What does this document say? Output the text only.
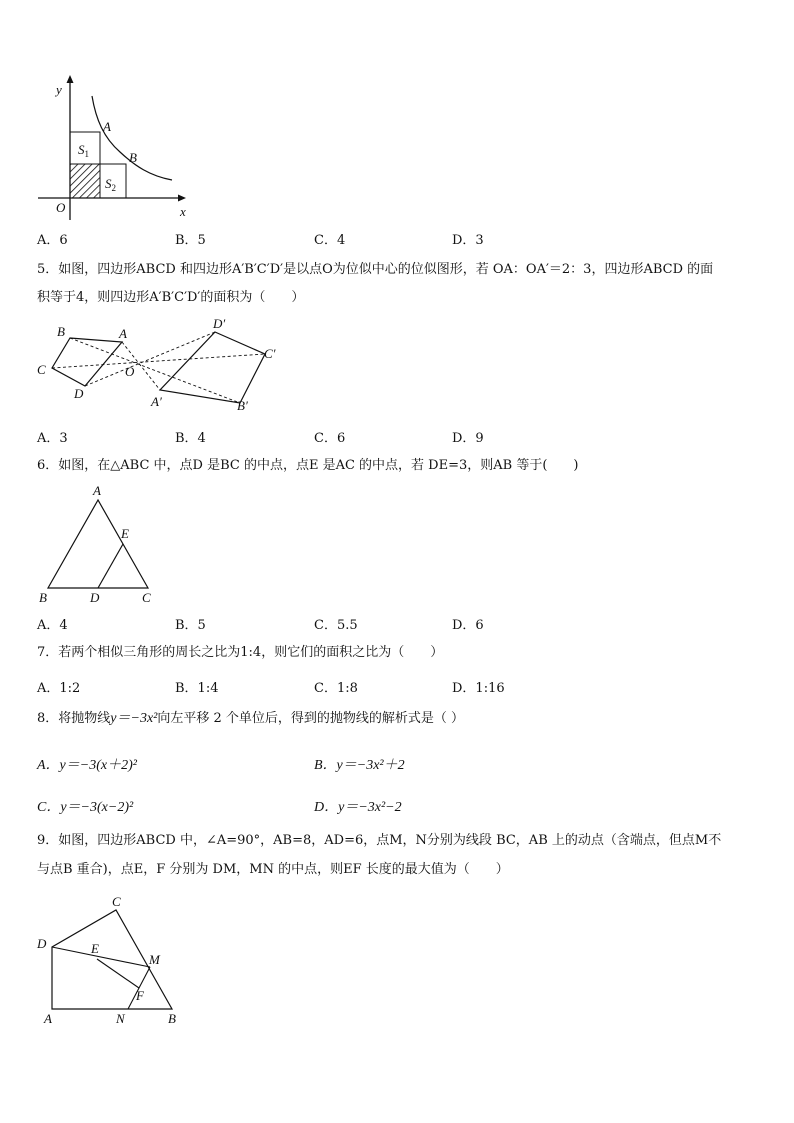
y
x
O
A
B
$S_1$
$S_2$
A．6	B．5	C．4	D．3
5．如图，四边形ABCD 和四边形A′B′C′D′是以点O为位似中心的位似图形，若 OA：OA′＝2：3，四边形ABCD 的面
积等于4，则四边形A′B′C′D′的面积为（　　）
B	A
C
D
O
D′
C′
A′	B′
A．3	B．4	C．6	D．9
6．如图，在△ABC 中，点D 是BC 的中点，点E 是AC 的中点，若 DE=3，则AB 等于(　　)
A
E
B	D	C
A．4	B．5	C．5.5	D．6
7．若两个相似三角形的周长之比为1:4，则它们的面积之比为（　　）
A．1:2	B．1:4	C．1:8	D．1:16
8．将抛物线y＝−3x²向左平移 2 个单位后，得到的抛物线的解析式是（ ）
A．y＝−3(x＋2)²	B．y＝−3x²＋2
C．y＝−3(x−2)²	D．y＝−3x²−2
9．如图，四边形ABCD 中，∠A=90°，AB=8，AD=6，点M，N分别为线段 BC，AB 上的动点（含端点，但点M不
与点B 重合)，点E，F 分别为 DM，MN 的中点，则EF 长度的最大值为（　　）
C
D	E
M
F
A	N	B
